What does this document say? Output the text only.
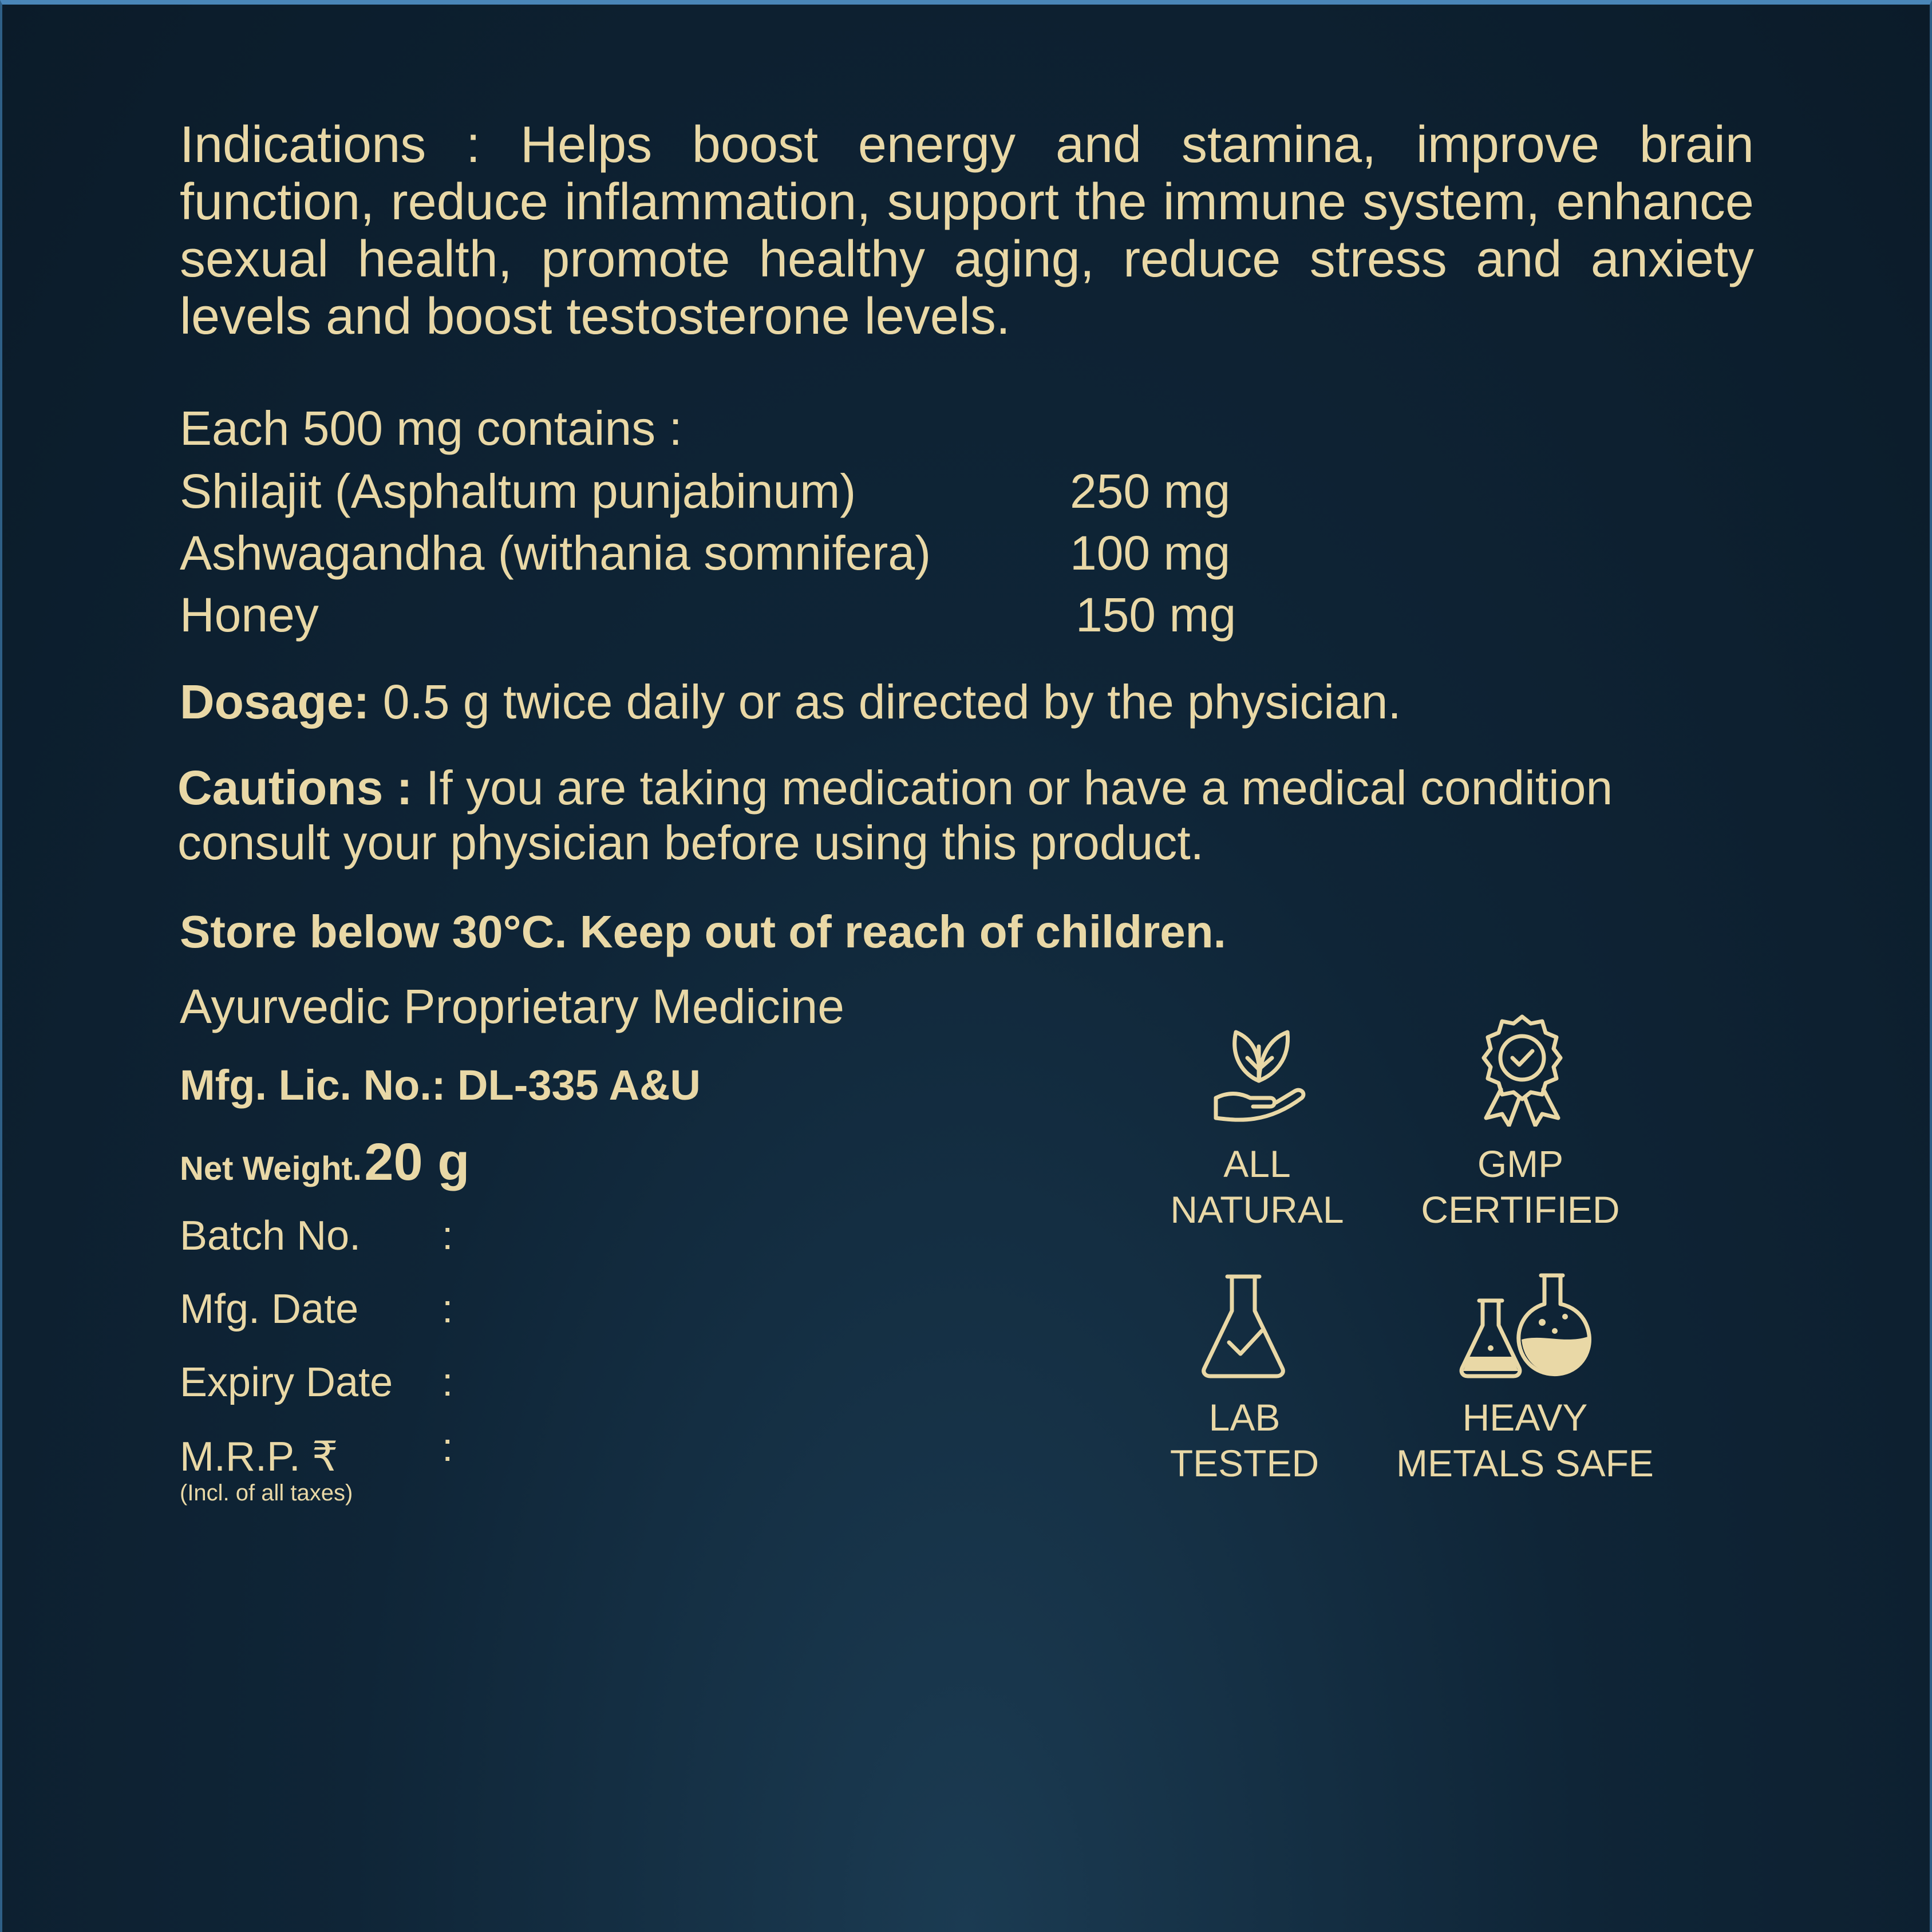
Indications : Helps boost energy and stamina, improve brain function, reduce inflammation, support the immune system, enhance sexual health, promote healthy aging, reduce stress and anxiety levels and boost testosterone levels.
Each 500 mg contains :
Shilajit (Asphaltum punjabinum)	250 mg
Ashwagandha (withania somnifera)	100 mg
Honey	150 mg
Dosage: 0.5 g twice daily or as directed by the physician.
Cautions : If you are taking medication or have a medical condition
consult your physician before using this product.
Store below 30°C. Keep out of reach of children.
Ayurvedic Proprietary Medicine
Mfg. Lic. No.: DL-335 A&U
Net Weight. 20 g
Batch No. :
Mfg. Date :
Expiry Date :
M.R.P. ₹	:
(Incl. of all taxes)
ALL
NATURAL
GMP
CERTIFIED
LAB
TESTED
HEAVY
METALS SAFE
